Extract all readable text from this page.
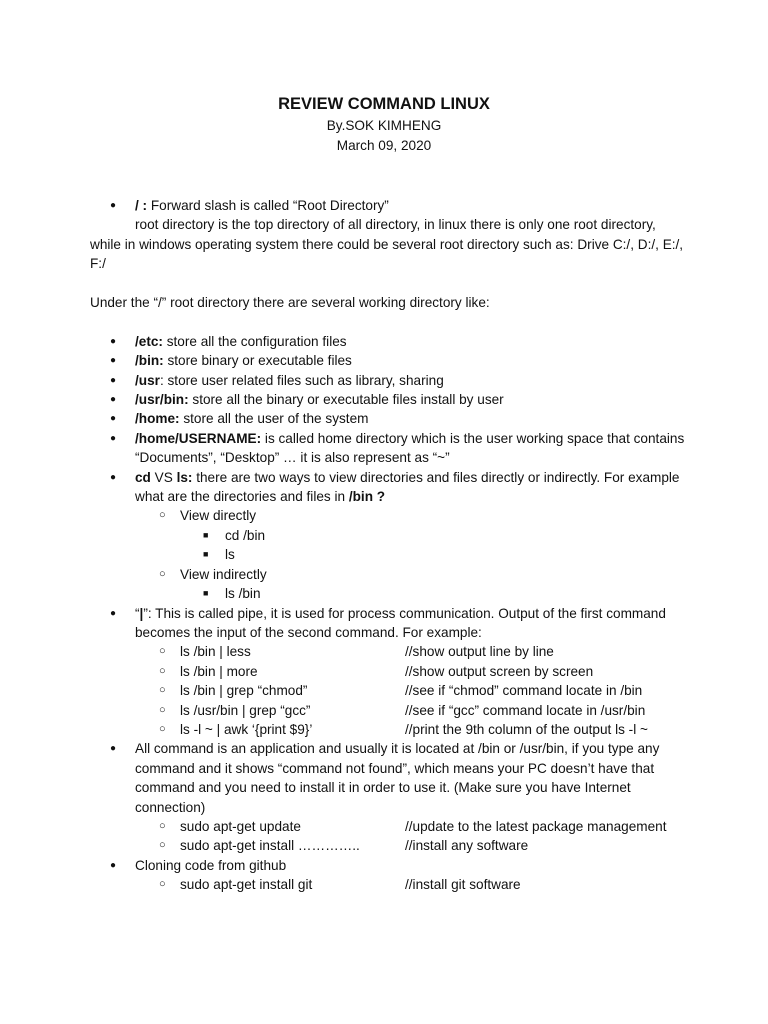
REVIEW COMMAND LINUX

By.SOK KIMHENG

March 09, 2020

● / : Forward slash is called “Root Directory”

root directory is the top directory of all directory, in linux there is only one root directory, while in windows operating system there could be several root directory such as: Drive C:/, D:/, E:/, F:/

Under the “/” root directory there are several working directory like:

● /etc: store all the configuration files
● /bin: store binary or executable files
● /usr: store user related files such as library, sharing
● /usr/bin: store all the binary or executable files install by user
● /home: store all the user of the system
● /home/USERNAME: is called home directory which is the user working space that contains “Documents”, “Desktop” … it is also represent as “~”
● cd VS ls: there are two ways to view directories and files directly or indirectly. For example what are the directories and files in /bin ?
○ View directly
■ cd /bin
■ ls
○ View indirectly
■ ls /bin
● “|”: This is called pipe, it is used for process communication. Output of the first command becomes the input of the second command. For example:
○ ls /bin | less	//show output line by line
○ ls /bin | more	//show output screen by screen
○ ls /bin | grep “chmod”	//see if “chmod” command locate in /bin
○ ls /usr/bin | grep “gcc”	//see if “gcc” command locate in /usr/bin
○ ls -l ~ | awk ‘{print $9}’	//print the 9th column of the output ls -l ~
● All command is an application and usually it is located at /bin or /usr/bin, if you type any command and it shows “command not found”, which means your PC doesn’t have that command and you need to install it in order to use it. (Make sure you have Internet connection)
○ sudo apt-get update	//update to the latest package management
○ sudo apt-get install …………..	//install any software
● Cloning code from github
○ sudo apt-get install git	//install git software
